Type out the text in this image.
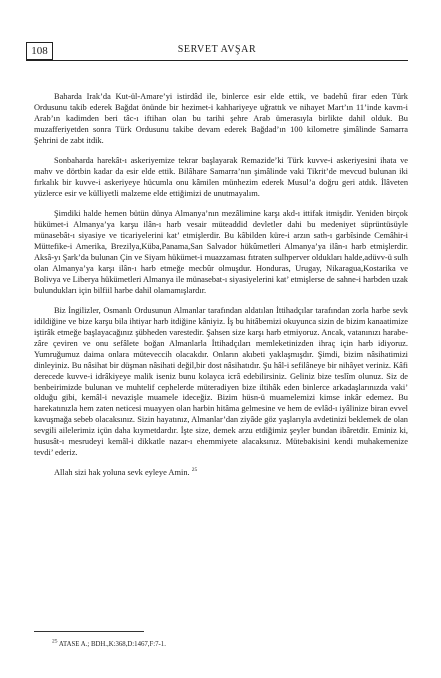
108	SERVET AVŞAR

Baharda Irak’da Kut-ül-Amare’yi istirdâd ile, binlerce esir elde ettik, ve badehû firar eden Türk Ordusunu takib ederek Bağdat önünde bir hezimet-i kahhariyeye uğrattık ve nihayet Mart’ın 11’inde kavm-i Arab’ın kadimden beri tâc-ı iftihan olan bu tarihi şehre Arab ümerasıyla birlikte dahil olduk. Bu muzafferiyetden sonra Türk Ordusunu takibe devam ederek Bağdad’ın 100 kilometre şimâlinde Samarra Şehrini de zabt itdik.

Sonbaharda harekât-ı askeriyemize tekrar başlayarak Remazide’ki Türk kuvve-i askeriyesini ihata ve mahv ve dörtbin kadar da esir elde ettik. Bilâhare Samarra’nın şimâlinde vaki Tikrit’de mevcud bulunan iki fırkalık bir kuvve-i askeriyeye hücumla onu kâmilen münhezim ederek Musul’a doğru geri atdık. İlâveten yüzlerce esir ve külliyetli malzeme elde ettiğimizi de unutmayalım.

Şimdiki halde hemen bütün dünya Almanya’nın mezâlimine karşı akd-ı ittifak itmişdir. Yeniden birçok hükümet-i Almanya’ya karşu ilân-ı harb vesair müteaddid devletler dahi bu medeniyet süprüntüsüyle münasebât-ı siyasiye ve ticariyelerini kat’ etmişlerdir. Bu kâbilden küre-i arzın sath-ı garbîsinde Cemâhir-i Müttefike-i Amerika, Brezilya,Küba,Panama,San Salvador hükûmetleri Almanya’ya ilân-ı harb etmişlerdir. Aksâ-yı Şark’da bulunan Çin ve Siyam hükümet-i muazzaması fıtraten sulhperver oldukları halde,adüvv-ü sulh olan Almanya’ya karşı ilân-ı harb etmeğe mecbûr olmuşdur. Honduras, Urugay, Nikaragua,Kostarika ve Bolivya ve Liberya hükümetleri Almanya ile münasebat-ı siyasiyelerini kat’ etmişlerse de sahne-i harbden uzak bulundukları için bilfiil harbe dahil olamamışlardır.

Biz İngilizler, Osmanlı Ordusunun Almanlar tarafından aldatılan İttihadçılar tarafından zorla harbe sevk idildiğine ve bize karşu bila ihtiyar harb itdiğine kâniyiz. İş bu hitâbemizi okuyunca sizin de bizim kanaatimize iştirâk etmeğe başlayacağınız şübheden varestedir. Şahsen size karşı harb etmiyoruz. Ancak, vatanınızı harabe-zâre çeviren ve onu sefâlete boğan Almanlarla İttihadçıları memleketinizden ihraç için harb idiyoruz. Yumruğumuz daima onlara müteveccih olacakdır. Onların akıbeti yaklaşmışdır. Şimdi, bizim nâsihatimizi dinleyiniz. Bu nâsihat bir düşman nâsihati değil,bir dost nâsihatıdır. Şu hâl-i sefilâneye bir nihâyet veriniz. Kâfi derecede kuvve-i idrâkiyeye malik iseniz bunu kolayca icrâ edebilirsiniz. Geliniz bize teslîm olunuz. Siz de benbeirimizde bulunan ve muhtelif cephelerde müteradiyen bize iltihâk eden binlerce arkadaşlarınızda vaki’ olduğu gibi, kemâl-i nevazişle muamele ideceğiz. Bizim hüsn-ü muamelemizi kimse inkâr edemez. Bu harekatınızla hem zaten neticesi muayyen olan harbin hitâma gelmesine ve hem de evlâd-ı iyâlinize biran evvel kavuşmağa sebeb olacaksınız. Sizin hayatınız, Almanlar’dan ziyâde göz yaşlarıyla avdetinizi beklemek de olan sevgili ailelerimiz içün daha kıymetdardır. İşte size, demek arzu etdiğimiz şeyler bundan ibâretdir. Eminiz ki, hususât-ı mesrudeyi kemâl-i dikkatle nazar-ı ehemmiyete alacaksınız. Mütebakisini kendi muhakemenize tevdi’ ederiz.

Allah sizi hak yoluna sevk eyleye Amin. $^{25}$

$^{25}$ ATASE A.; BDH.,K:368,D:1467,F:7-1.
